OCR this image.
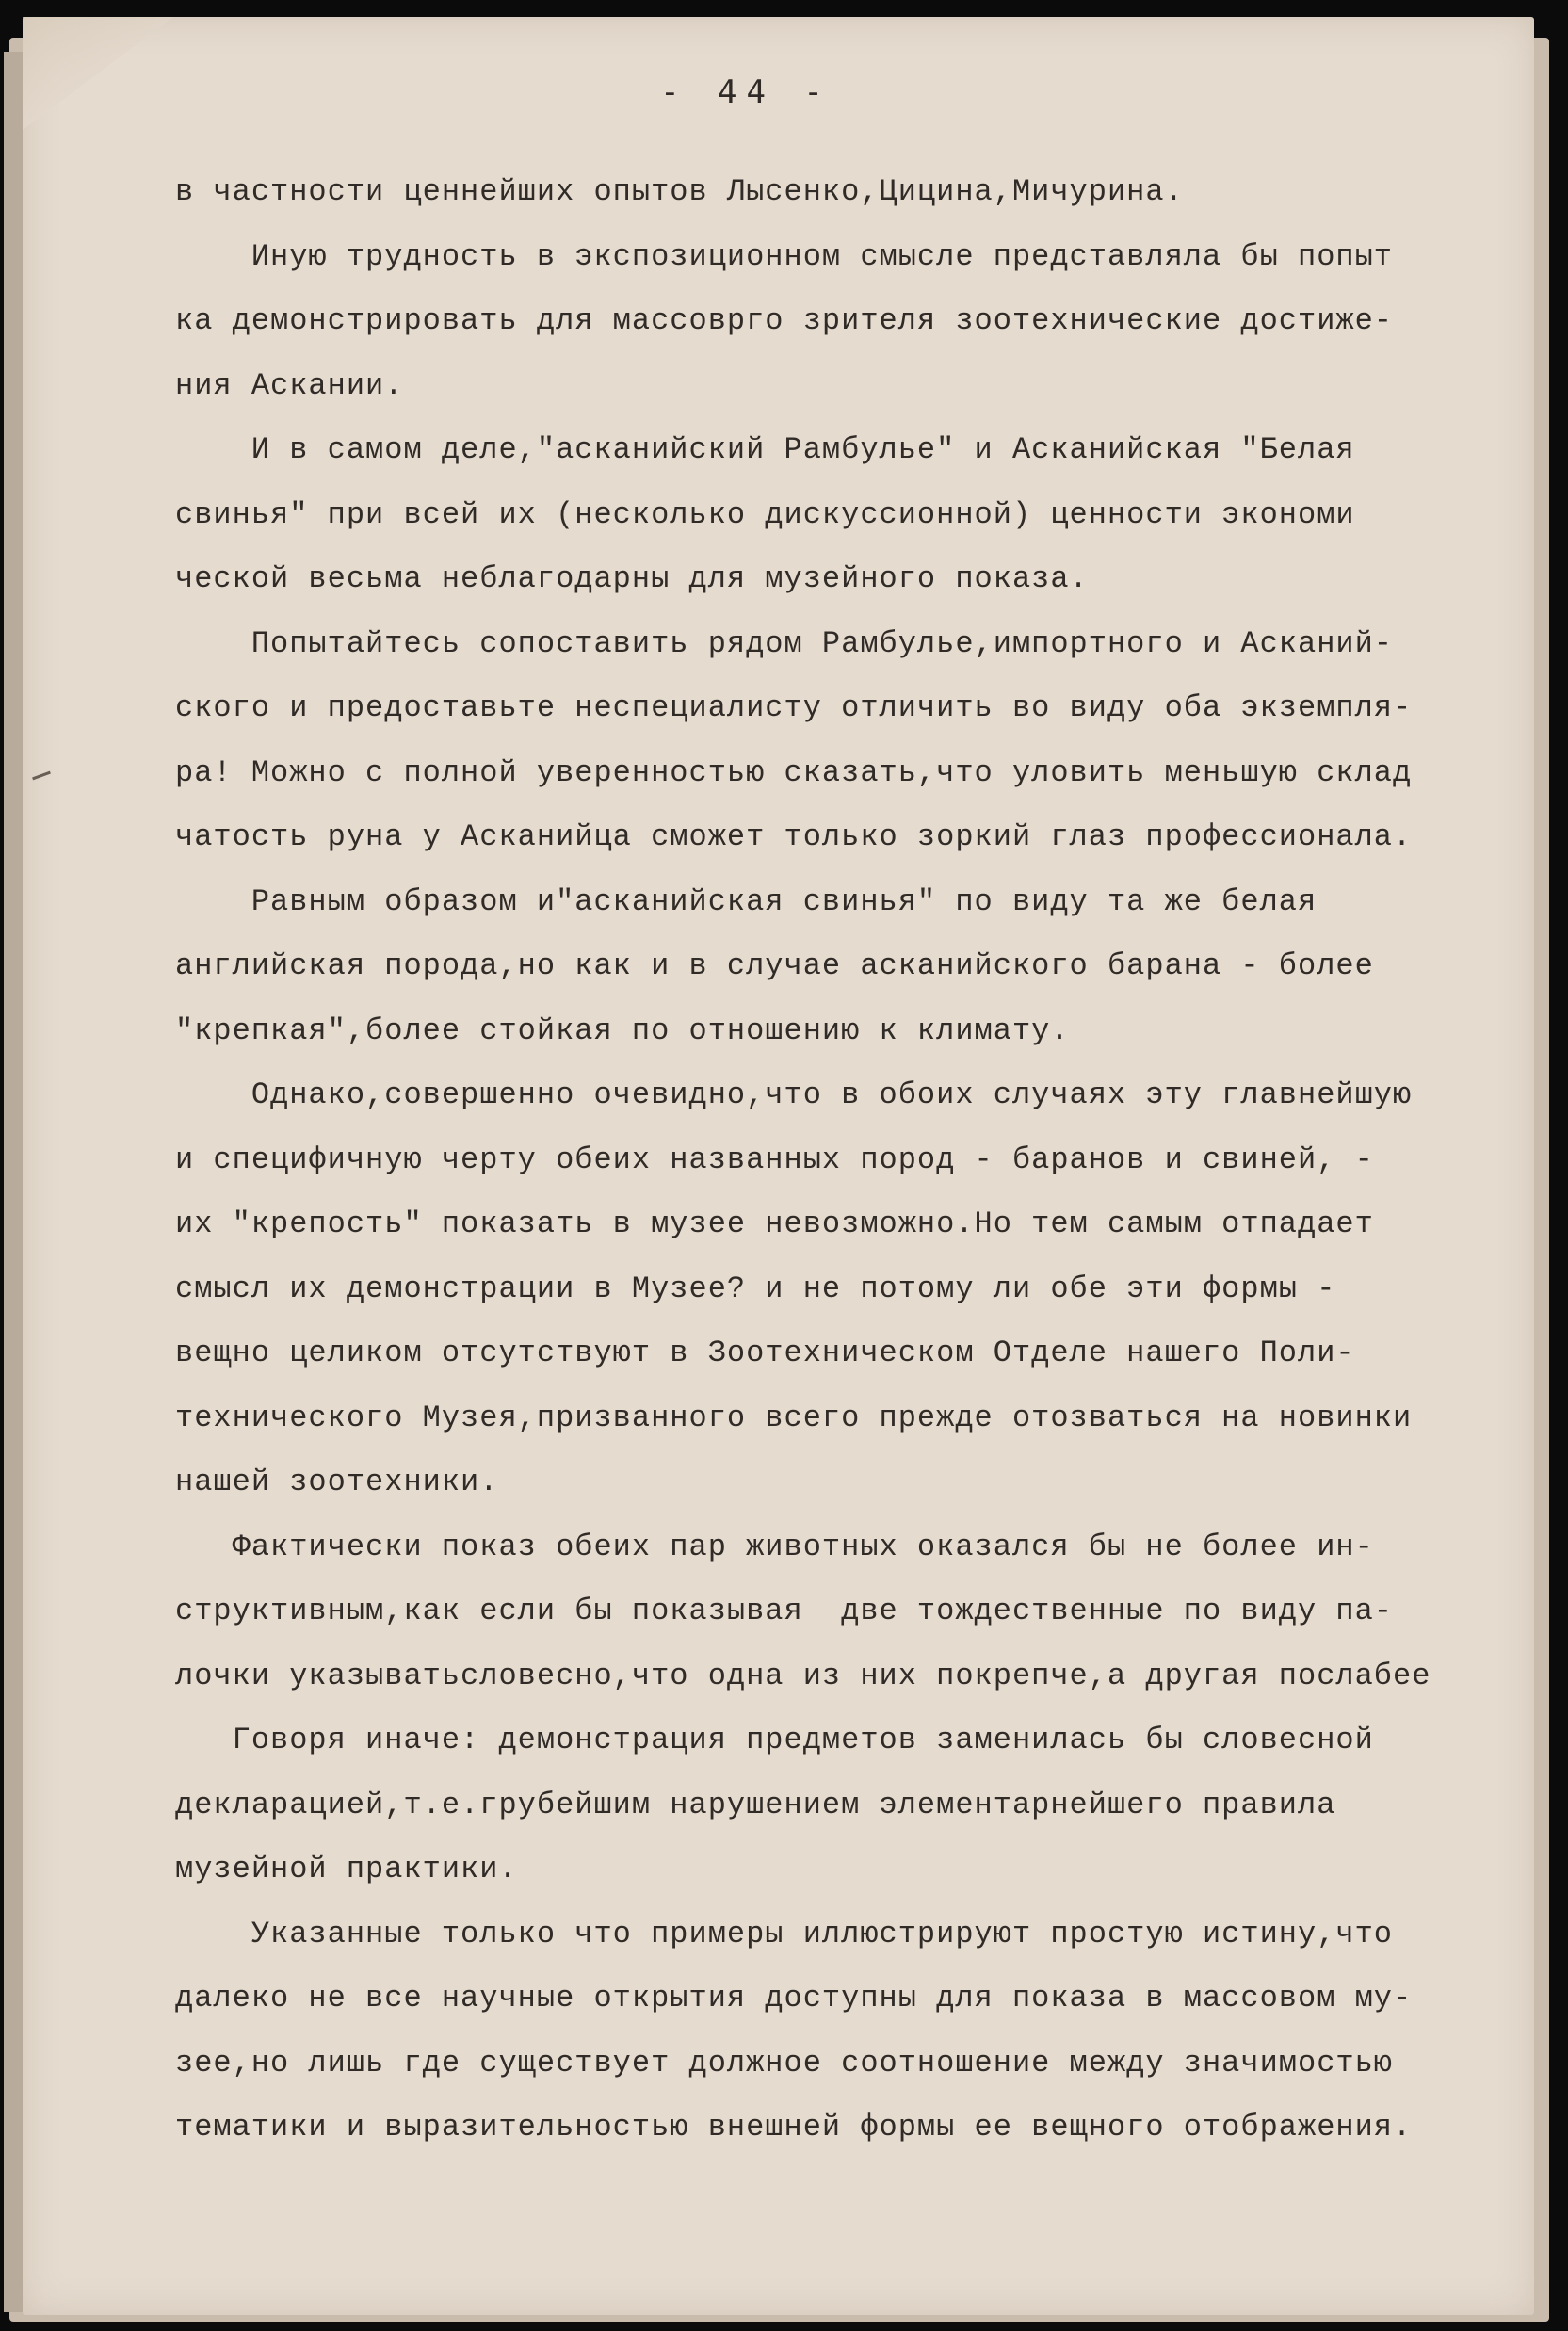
- 44 -
в частности ценнейших опытов Лысенко,Цицина,Мичурина.
Иную трудность в экспозиционном смысле представляла бы попыт
ка демонстрировать для массоврго зрителя зоотехнические достиже-
ния Аскании.
И в самом деле,"асканийский Рамбулье" и Асканийская "Белая
свинья" при всей их (несколько дискуссионной) ценности экономи
ческой весьма неблагодарны для музейного показа.
Попытайтесь сопоставить рядом Рамбулье,импортного и Асканий-
ского и предоставьте неспециалисту отличить во виду оба экземпля-
ра! Можно с полной уверенностью сказать,что уловить меньшую склад
чатость руна у Асканийца сможет только зоркий глаз профессионала.
Равным образом и"асканийская свинья" по виду та же белая
английская порода,но как и в случае асканийского барана - более
"крепкая",более стойкая по отношению к климату.
Однако,совершенно очевидно,что в обоих случаях эту главнейшую
и специфичную черту обеих названных пород - баранов и свиней, -
их "крепость" показать в музее невозможно.Но тем самым отпадает
смысл их демонстрации в Музее? и не потому ли обе эти формы -
вещно целиком отсутствуют в Зоотехническом Отделе нашего Поли-
технического Музея,призванного всего прежде отозваться на новинки
нашей зоотехники.
Фактически показ обеих пар животных оказался бы не более ин-
структивным,как если бы показывая  две тождественные по виду па-
лочки указыватьсловесно,что одна из них покрепче,а другая послабее
Говоря иначе: демонстрация предметов заменилась бы словесной
декларацией,т.е.грубейшим нарушением элементарнейшего правила
музейной практики.
Указанные только что примеры иллюстрируют простую истину,что
далеко не все научные открытия доступны для показа в массовом му-
зее,но лишь где существует должное соотношение между значимостью
тематики и выразительностью внешней формы ее вещного отображения.
